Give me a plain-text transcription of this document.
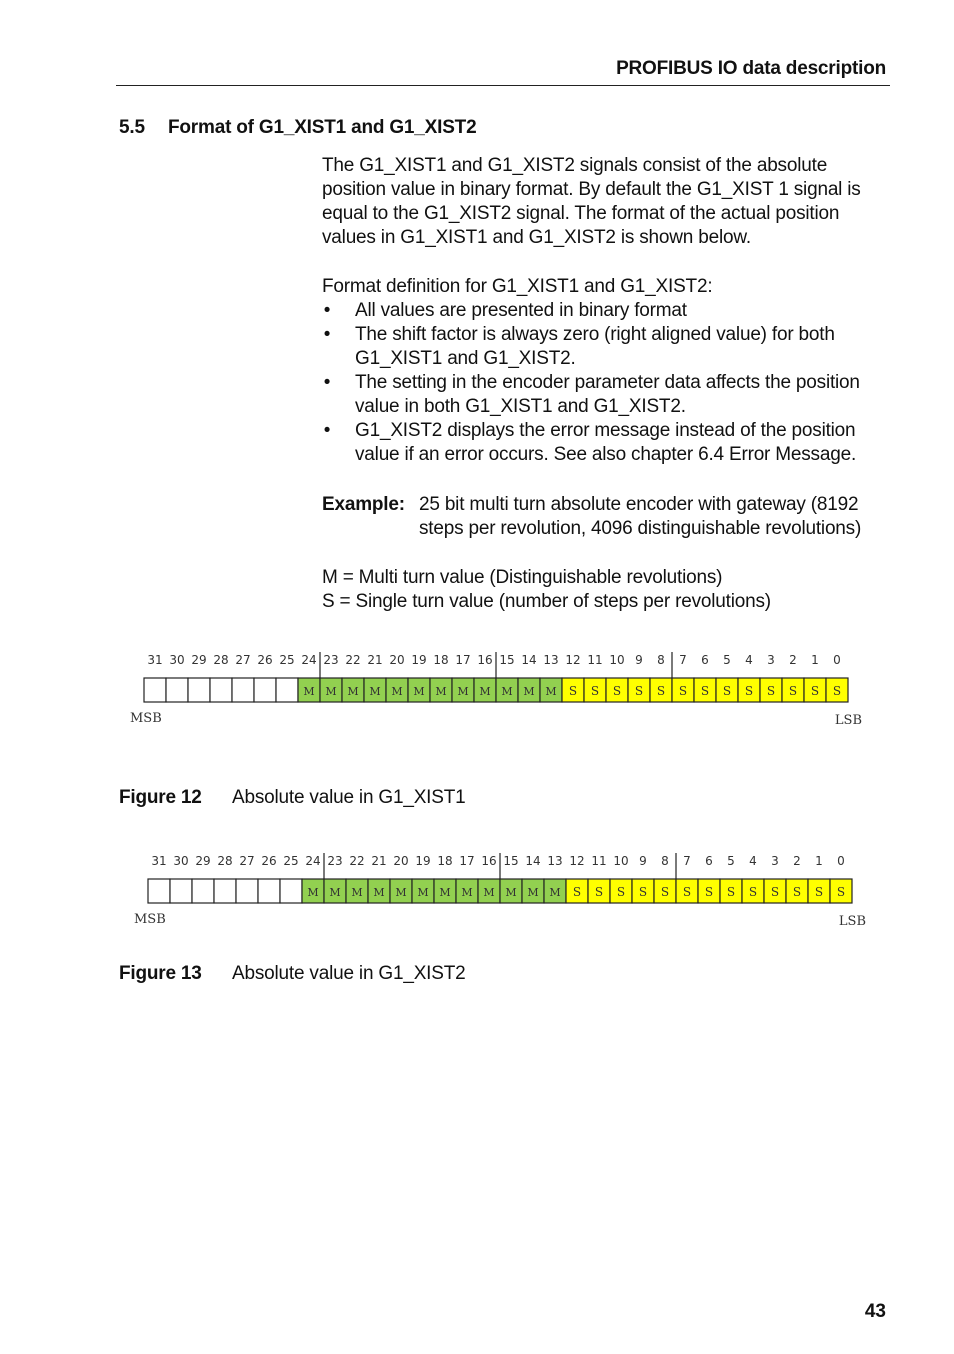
PROFIBUS IO data description
5.5 Format of G1_XIST1 and G1_XIST2
The G1_XIST1 and G1_XIST2 signals consist of the absolute
position value in binary format. By default the G1_XIST 1 signal is
equal to the G1_XIST2 signal. The format of the actual position
values in G1_XIST1 and G1_XIST2 is shown below.
Format definition for G1_XIST1 and G1_XIST2:
• All values are presented in binary format
• The shift factor is always zero (right aligned value) for both
G1_XIST1 and G1_XIST2.
• The setting in the encoder parameter data affects the position
value in both G1_XIST1 and G1_XIST2.
• G1_XIST2 displays the error message instead of the position
value if an error occurs. See also chapter 6.4 Error Message.
Example: 25 bit multi turn absolute encoder with gateway (8192
steps per revolution, 4096 distinguishable revolutions)
M = Multi turn value (Distinguishable revolutions)
S = Single turn value (number of steps per revolutions)
31 30 29 28 27 26 25
M
24
M
23
M
22
M
21
M
20
M
19
M
18
M
17
M
16
M
15
M
14
M
13
S
12
S
11
S
10
S
9
S
8
S
7
S
6
S
5
S
4
S
3
S
2
S
1
S
0
MSB	LSB
Figure 12 Absolute value in G1_XIST1
31 30 29 28 27 26 25
M
24
M
23
M
22
M
21
M
20
M
19
M
18
M
17
M
16
M
15
M
14
M
13
S
12
S
11
S
10
S
9
S
8
S
7
S
6
S
5
S
4
S
3
S
2
S
1
S
0
MSB	LSB
Figure 13 Absolute value in G1_XIST2
43
